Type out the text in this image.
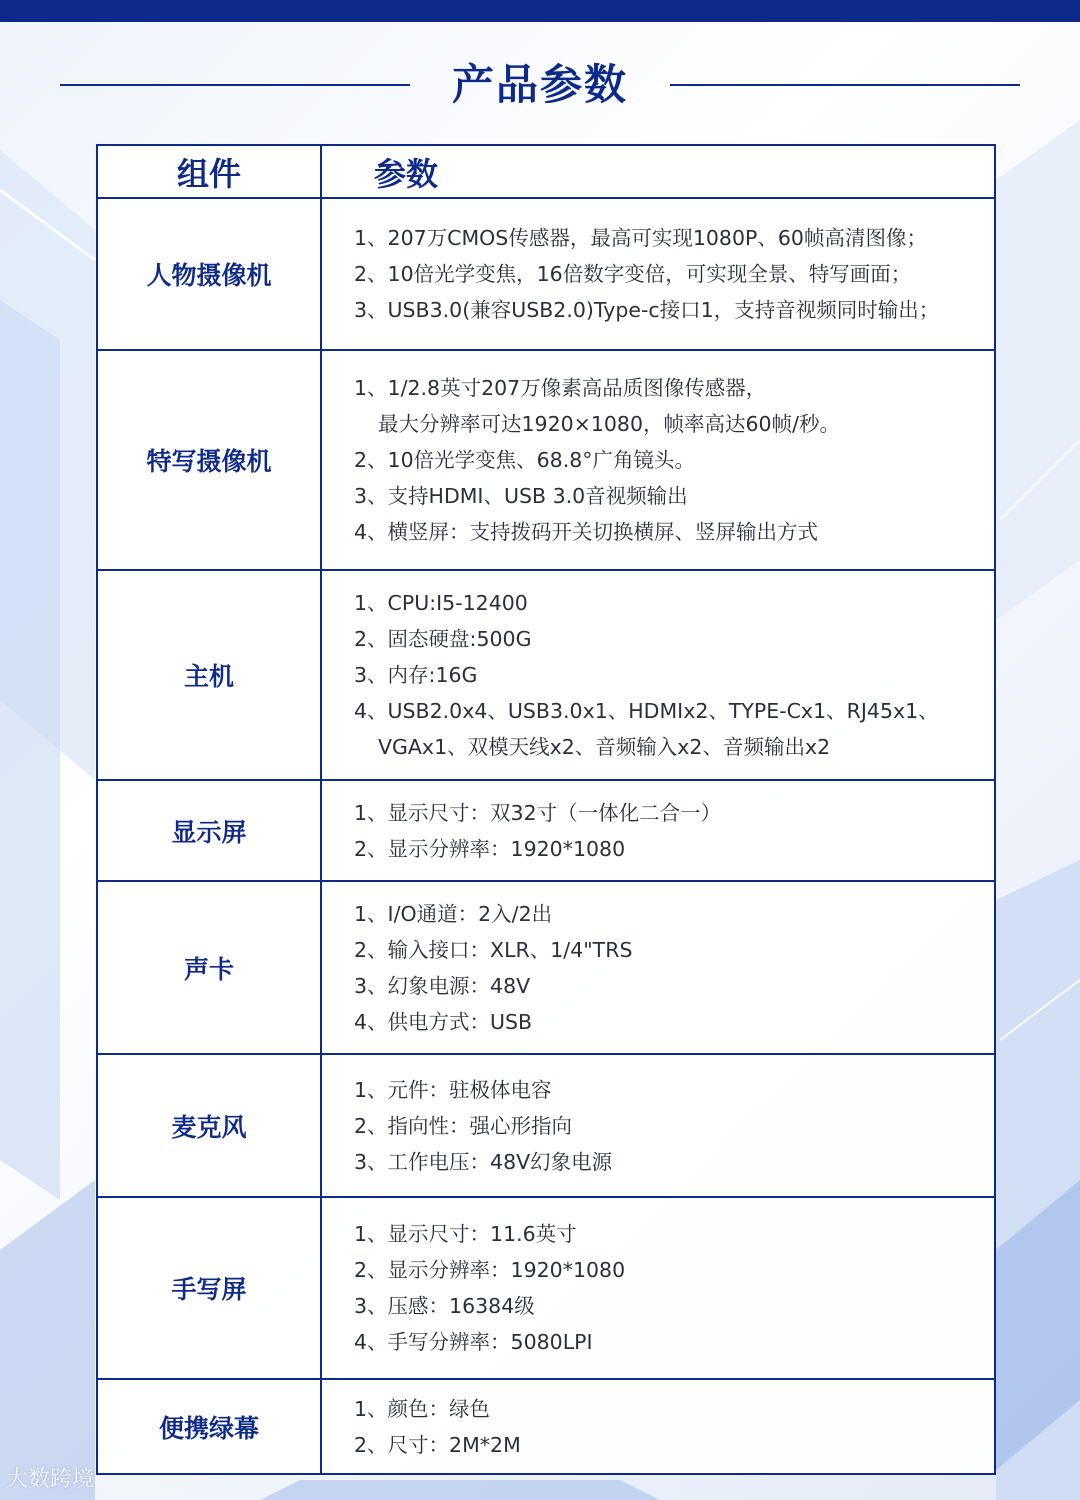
产品参数
组件	参数
人物摄像机	1、207万CMOS传感器，最高可实现1080P、60帧高清图像；
2、10倍光学变焦，16倍数字变倍，可实现全景、特写画面；
3、USB3.0(兼容USB2.0)Type-c接口1，支持音视频同时输出；

特写摄像机	1、1/2.8英寸207万像素高品质图像传感器，
最大分辨率可达1920×1080，帧率高达60帧/秒。
2、10倍光学变焦、68.8°广角镜头。
3、支持HDMI、USB 3.0音视频输出
4、横竖屏：支持拨码开关切换横屏、竖屏输出方式

主机	1、CPU:I5-12400
2、固态硬盘:500G
3、内存:16G
4、USB2.0x4、USB3.0x1、HDMIx2、TYPE-Cx1、RJ45x1、
VGAx1、双模天线x2、音频输入x2、音频输出x2

显示屏	1、显示尺寸：双32寸（一体化二合一）
2、显示分辨率：1920*1080

声卡	1、I/O通道：2入/2出
2、输入接口：XLR、1/4"TRS
3、幻象电源：48V
4、供电方式：USB

麦克风	1、元件：驻极体电容
2、指向性：强心形指向
3、工作电压：48V幻象电源

手写屏	1、显示尺寸：11.6英寸
2、显示分辨率：1920*1080
3、压感：16384级
4、手写分辨率：5080LPI

便携绿幕	1、颜色：绿色
2、尺寸：2M*2M
大数跨境
